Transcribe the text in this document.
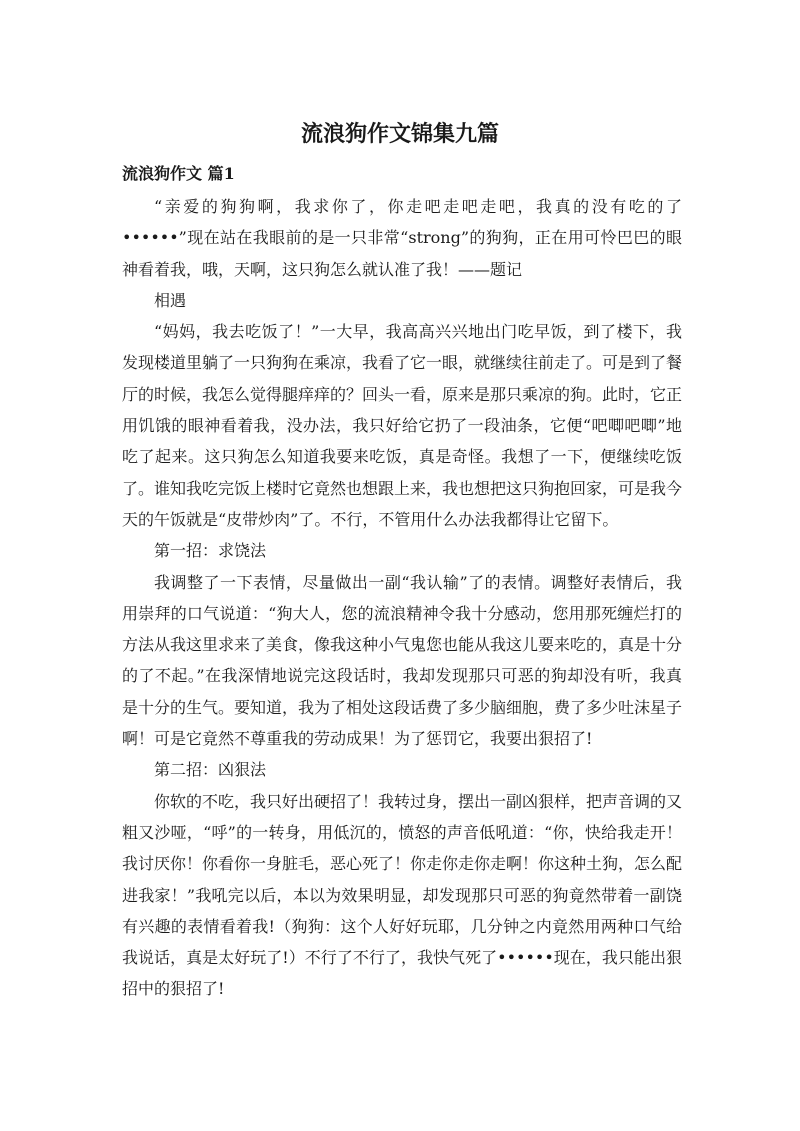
流浪狗作文锦集九篇
流浪狗作文 篇1

“亲爱的狗狗啊，我求你了，你走吧走吧走吧，我真的没有吃的了••••••”现在站在我眼前的是一只非常“strong”的狗狗，正在用可怜巴巴的眼神看着我，哦，天啊，这只狗怎么就认准了我！——题记

相遇

“妈妈，我去吃饭了！”一大早，我高高兴兴地出门吃早饭，到了楼下，我发现楼道里躺了一只狗狗在乘凉，我看了它一眼，就继续往前走了。可是到了餐厅的时候，我怎么觉得腿痒痒的？回头一看，原来是那只乘凉的狗。此时，它正用饥饿的眼神看着我，没办法，我只好给它扔了一段油条，它便“吧唧吧唧”地吃了起来。这只狗怎么知道我要来吃饭，真是奇怪。我想了一下，便继续吃饭了。谁知我吃完饭上楼时它竟然也想跟上来，我也想把这只狗抱回家，可是我今天的午饭就是“皮带炒肉”了。不行，不管用什么办法我都得让它留下。

第一招：求饶法

我调整了一下表情，尽量做出一副“我认输”了的表情。调整好表情后，我用崇拜的口气说道：“狗大人，您的流浪精神令我十分感动，您用那死缠烂打的方法从我这里求来了美食，像我这种小气鬼您也能从我这儿要来吃的，真是十分的了不起。”在我深情地说完这段话时，我却发现那只可恶的狗却没有听，我真是十分的生气。要知道，我为了相处这段话费了多少脑细胞，费了多少吐沫星子啊！可是它竟然不尊重我的劳动成果！为了惩罚它，我要出狠招了!

第二招：凶狠法

你软的不吃，我只好出硬招了！我转过身，摆出一副凶狠样，把声音调的又粗又沙哑，“呼”的一转身，用低沉的，愤怒的声音低吼道：“你，快给我走开！我讨厌你！你看你一身脏毛，恶心死了！你走你走你走啊！你这种土狗，怎么配进我家！”我吼完以后，本以为效果明显，却发现那只可恶的狗竟然带着一副饶有兴趣的表情看着我!（狗狗：这个人好好玩耶，几分钟之内竟然用两种口气给我说话，真是太好玩了!）不行了不行了，我快气死了••••••现在，我只能出狠招中的狠招了!
